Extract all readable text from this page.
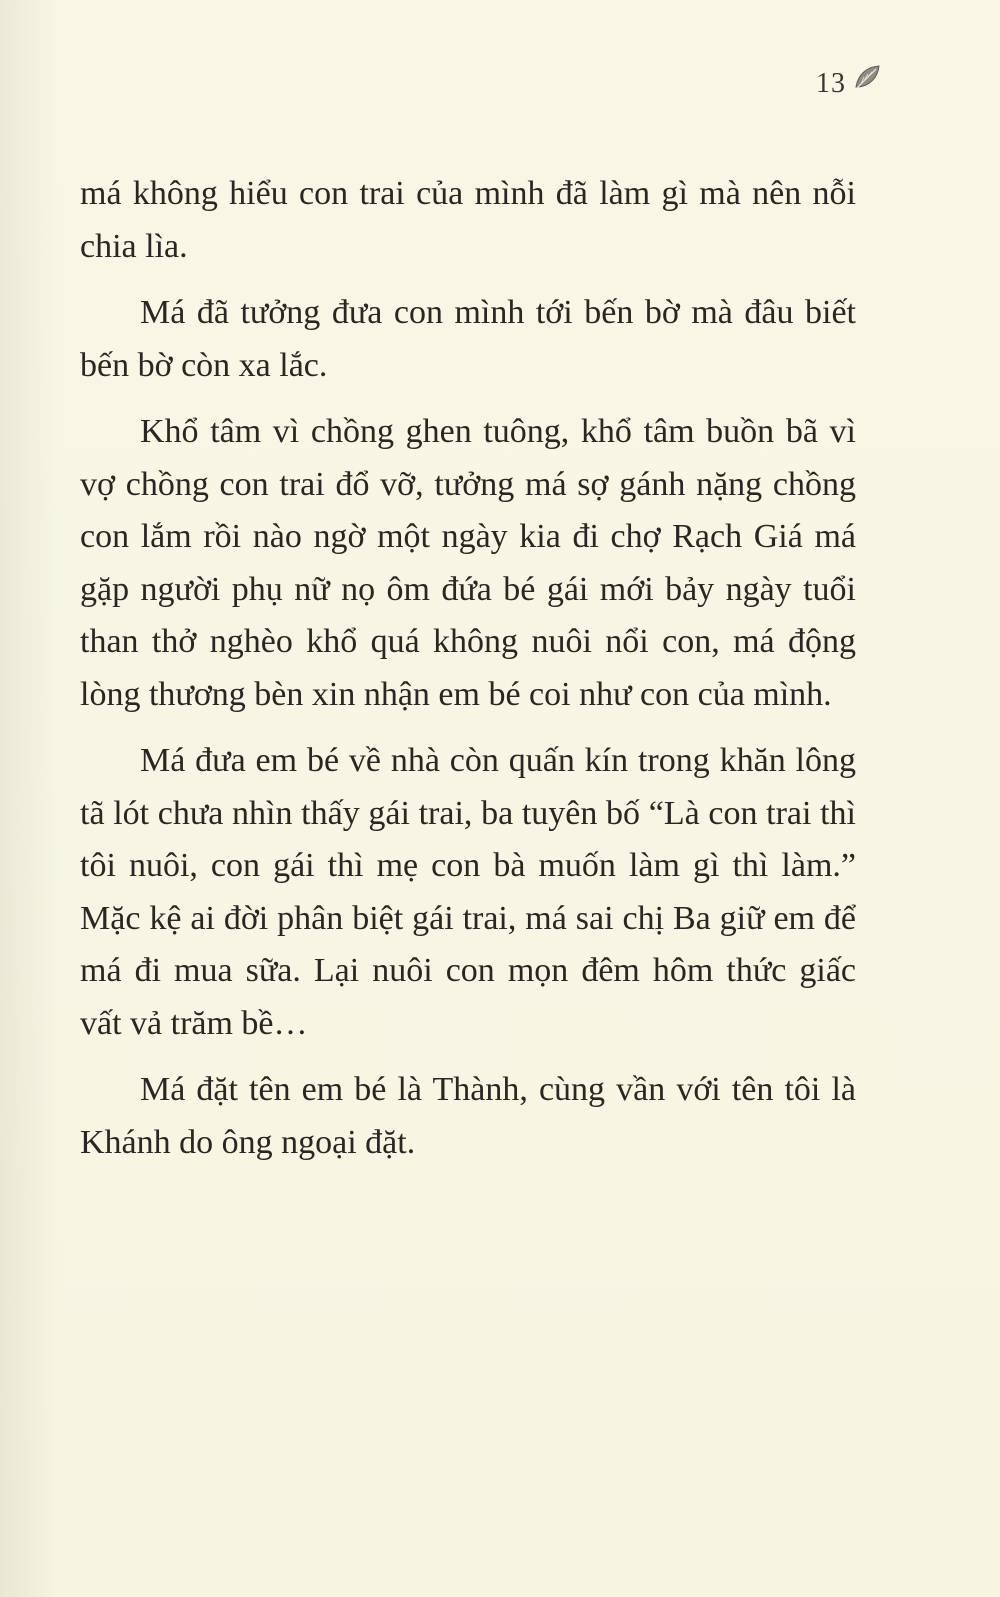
13

má không hiểu con trai của mình đã làm gì mà nên nỗi chia lìa.

Má đã tưởng đưa con mình tới bến bờ mà đâu biết bến bờ còn xa lắc.

Khổ tâm vì chồng ghen tuông, khổ tâm buồn bã vì vợ chồng con trai đổ vỡ, tưởng má sợ gánh nặng chồng con lắm rồi nào ngờ một ngày kia đi chợ Rạch Giá má gặp người phụ nữ nọ ôm đứa bé gái mới bảy ngày tuổi than thở nghèo khổ quá không nuôi nổi con, má động lòng thương bèn xin nhận em bé coi như con của mình.

Má đưa em bé về nhà còn quấn kín trong khăn lông tã lót chưa nhìn thấy gái trai, ba tuyên bố “Là con trai thì tôi nuôi, con gái thì mẹ con bà muốn làm gì thì làm.” Mặc kệ ai đời phân biệt gái trai, má sai chị Ba giữ em để má đi mua sữa. Lại nuôi con mọn đêm hôm thức giấc vất vả trăm bề…

Má đặt tên em bé là Thành, cùng vần với tên tôi là Khánh do ông ngoại đặt.
